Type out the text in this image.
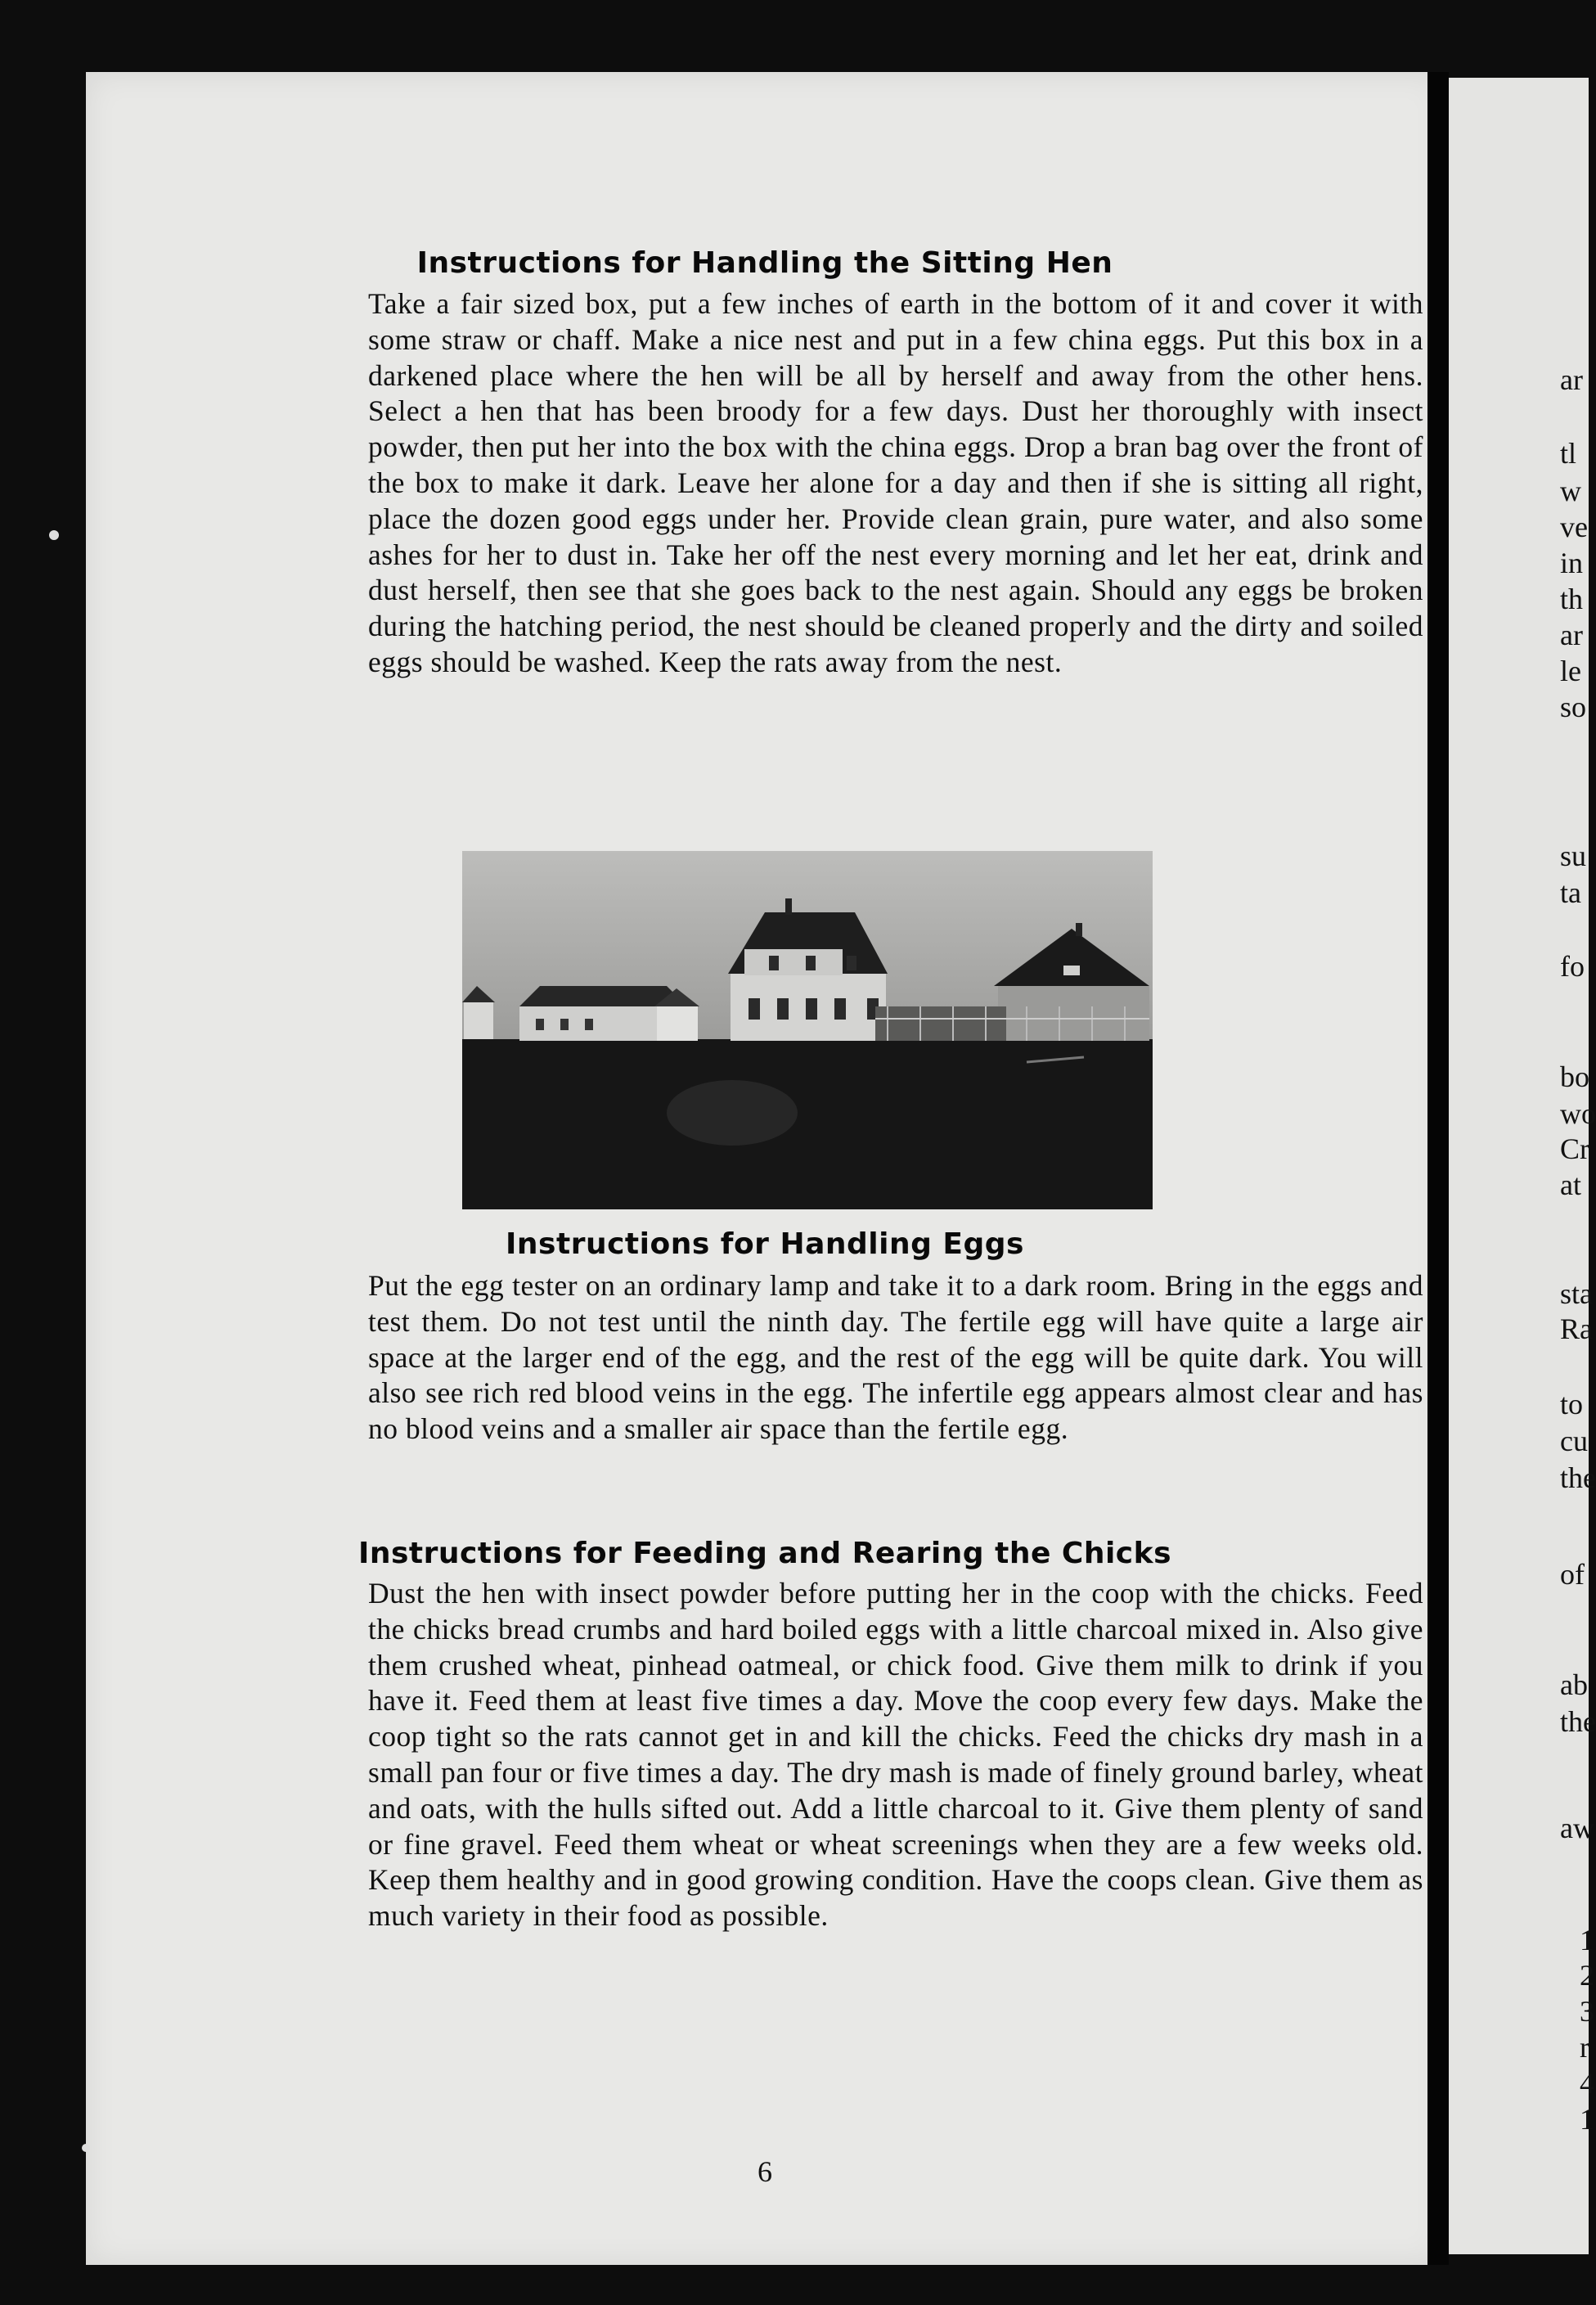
Instructions for Handling the Sitting Hen

Take a fair sized box, put a few inches of earth in the bottom of it and cover it with some straw or chaff. Make a nice nest and put in a few china eggs. Put this box in a darkened place where the hen will be all by herself and away from the other hens. Select a hen that has been broody for a few days. Dust her thoroughly with insect powder, then put her into the box with the china eggs. Drop a bran bag over the front of the box to make it dark. Leave her alone for a day and then if she is sitting all right, place the dozen good eggs under her. Provide clean grain, pure water, and also some ashes for her to dust in. Take her off the nest every morning and let her eat, drink and dust herself, then see that she goes back to the nest again. Should any eggs be broken during the hatching period, the nest should be cleaned properly and the dirty and soiled eggs should be washed. Keep the rats away from the nest.

Instructions for Handling Eggs

Put the egg tester on an ordinary lamp and take it to a dark room. Bring in the eggs and test them. Do not test until the ninth day. The fertile egg will have quite a large air space at the larger end of the egg, and the rest of the egg will be quite dark. You will also see rich red blood veins in the egg. The infertile egg appears almost clear and has no blood veins and a smaller air space than the fertile egg.

Instructions for Feeding and Rearing the Chicks

Dust the hen with insect powder before putting her in the coop with the chicks. Feed the chicks bread crumbs and hard boiled eggs with a little charcoal mixed in. Also give them crushed wheat, pinhead oatmeal, or chick food. Give them milk to drink if you have it. Feed them at least five times a day. Move the coop every few days. Make the coop tight so the rats cannot get in and kill the chicks. Feed the chicks dry mash in a small pan four or five times a day. The dry mash is made of finely ground barley, wheat and oats, with the hulls sifted out. Add a little charcoal to it. Give them plenty of sand or fine gravel. Feed them wheat or wheat screenings when they are a few weeks old. Keep them healthy and in good growing condition. Have the coops clean. Give them as much variety in their food as possible.

6
ar
tl
w
ve
in
th
ar
le
so
su
ta
fo
bo
wo
Cr
at
sta
Ra
to
cu
the
of
ab
the
aw
1
2
3
r
4
1
